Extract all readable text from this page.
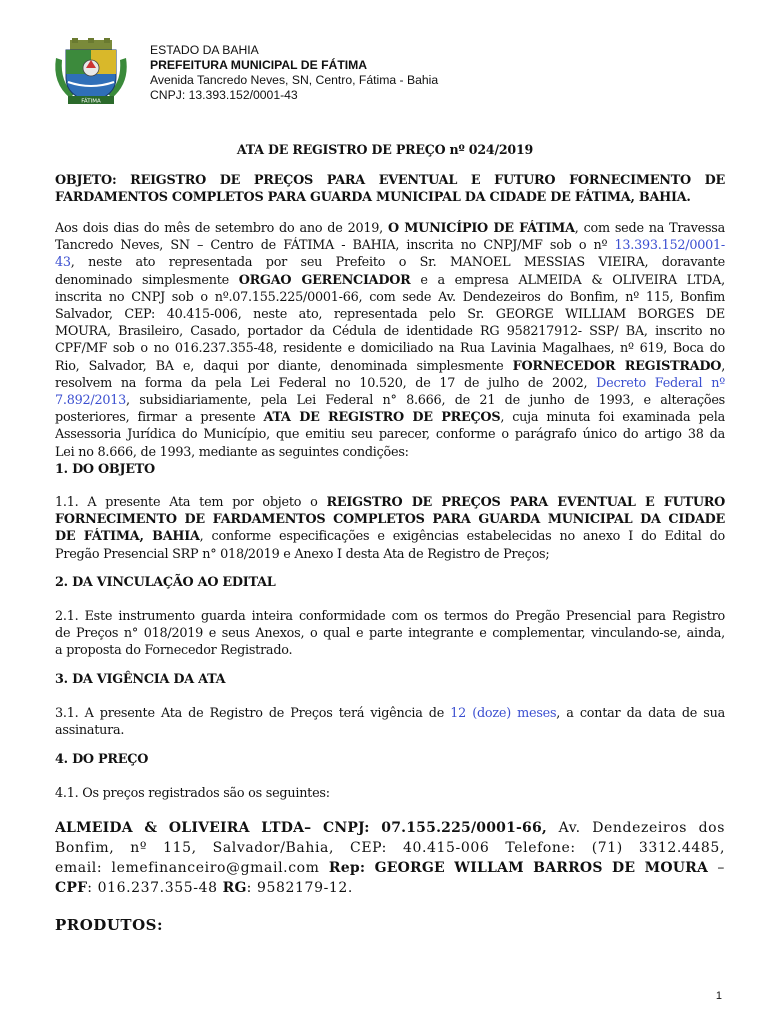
FÁTIMA
ESTADO DA BAHIA
PREFEITURA MUNICIPAL DE FÁTIMA
Avenida Tancredo Neves, SN, Centro, Fátima - Bahia
CNPJ: 13.393.152/0001-43
ATA DE REGISTRO DE PREÇO nº 024/2019
OBJETO: REIGSTRO DE PREÇOS PARA EVENTUAL E FUTURO FORNECIMENTO DE
FARDAMENTOS COMPLETOS PARA GUARDA MUNICIPAL DA CIDADE DE FÁTIMA, BAHIA.
Aos dois dias do mês de setembro do ano de 2019, O MUNICÍPIO DE FÁTIMA, com sede na Travessa
Tancredo Neves, SN – Centro de FÁTIMA - BAHIA, inscrita no CNPJ/MF sob o nº 13.393.152/0001-
43, neste ato representada por seu Prefeito o Sr. MANOEL MESSIAS VIEIRA, doravante
denominado simplesmente ORGAO GERENCIADOR e a empresa ALMEIDA & OLIVEIRA LTDA,
inscrita no CNPJ sob o nº.07.155.225/0001-66, com sede Av. Dendezeiros do Bonfim, nº 115, Bonfim
Salvador, CEP: 40.415-006, neste ato, representada pelo Sr. GEORGE WILLIAM BORGES DE
MOURA, Brasileiro, Casado, portador da Cédula de identidade RG 958217912- SSP/ BA, inscrito no
CPF/MF sob o no 016.237.355-48, residente e domiciliado na Rua Lavinia Magalhaes, nº 619, Boca do
Rio, Salvador, BA e, daqui por diante, denominada simplesmente FORNECEDOR REGISTRADO,
resolvem na forma da pela Lei Federal no 10.520, de 17 de julho de 2002, Decreto Federal nº
7.892/2013, subsidiariamente, pela Lei Federal n° 8.666, de 21 de junho de 1993, e alterações
posteriores, firmar a presente ATA DE REGISTRO DE PREÇOS, cuja minuta foi examinada pela
Assessoria Jurídica do Município, que emitiu seu parecer, conforme o parágrafo único do artigo 38 da
Lei no 8.666, de 1993, mediante as seguintes condições:
1. DO OBJETO
1.1. A presente Ata tem por objeto o REIGSTRO DE PREÇOS PARA EVENTUAL E FUTURO
FORNECIMENTO DE FARDAMENTOS COMPLETOS PARA GUARDA MUNICIPAL DA CIDADE
DE FÁTIMA, BAHIA, conforme especificações e exigências estabelecidas no anexo I do Edital do
Pregão Presencial SRP n° 018/2019 e Anexo I desta Ata de Registro de Preços;
2. DA VINCULAÇÃO AO EDITAL
2.1. Este instrumento guarda inteira conformidade com os termos do Pregão Presencial para Registro
de Preços n° 018/2019 e seus Anexos, o qual e parte integrante e complementar, vinculando-se, ainda,
a proposta do Fornecedor Registrado.
3. DA VIGÊNCIA DA ATA
3.1. A presente Ata de Registro de Preços terá vigência de 12 (doze) meses, a contar da data de sua
assinatura.
4. DO PREÇO
4.1. Os preços registrados são os seguintes:
ALMEIDA & OLIVEIRA LTDA– CNPJ: 07.155.225/0001-66, Av. Dendezeiros dos
Bonfim, nº 115, Salvador/Bahia, CEP: 40.415-006 Telefone: (71) 3312.4485,
email: lemefinanceiro@gmail.com Rep: GEORGE WILLAM BARROS DE MOURA –
CPF: 016.237.355-48 RG: 9582179-12.
PRODUTOS:
1
